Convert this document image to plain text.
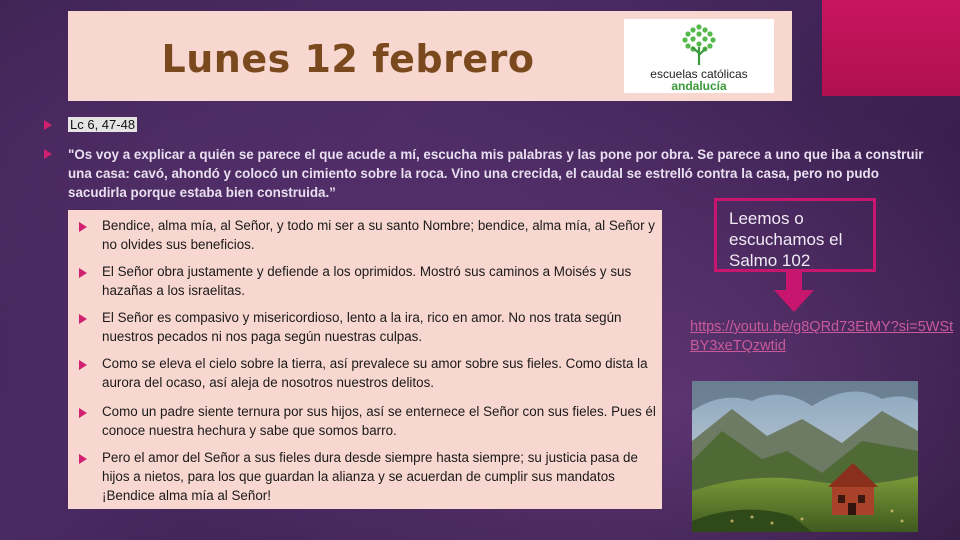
Lunes 12 febrero	escuelas católicas
andalucía
Lc 6, 47-48
"Os voy a explicar a quién se parece el que acude a mí, escucha mis palabras y las pone por obra. Se parece a uno que iba a construir una casa: cavó, ahondó y colocó un cimiento sobre la roca. Vino una crecida, el caudal se estrelló contra la casa, pero no pudo sacudirla porque estaba bien construida.”
Bendice, alma mía, al Señor, y todo mi ser a su santo Nombre; bendice, alma mía, al Señor y no olvides sus beneficios.
El Señor obra justamente y defiende a los oprimidos. Mostró sus caminos a Moisés y sus hazañas a los israelitas.
El Señor es compasivo y misericordioso, lento a la ira, rico en amor. No nos trata según nuestros pecados ni nos paga según nuestras culpas.
Como se eleva el cielo sobre la tierra, así prevalece su amor sobre sus fieles. Como dista la aurora del ocaso, así aleja de nosotros nuestros delitos.
Como un padre siente ternura por sus hijos, así se enternece el Señor con sus fieles. Pues él conoce nuestra hechura y sabe que somos barro.
Pero el amor del Señor a sus fieles dura desde siempre hasta siempre; su justicia pasa de hijos a nietos, para los que guardan la alianza y se acuerdan de cumplir sus mandatos ¡Bendice alma mía al Señor!
Leemos o escuchamos el Salmo 102
https://youtu.be/g8QRd73EtMY?si=5WStBY3xeTQzwtid
